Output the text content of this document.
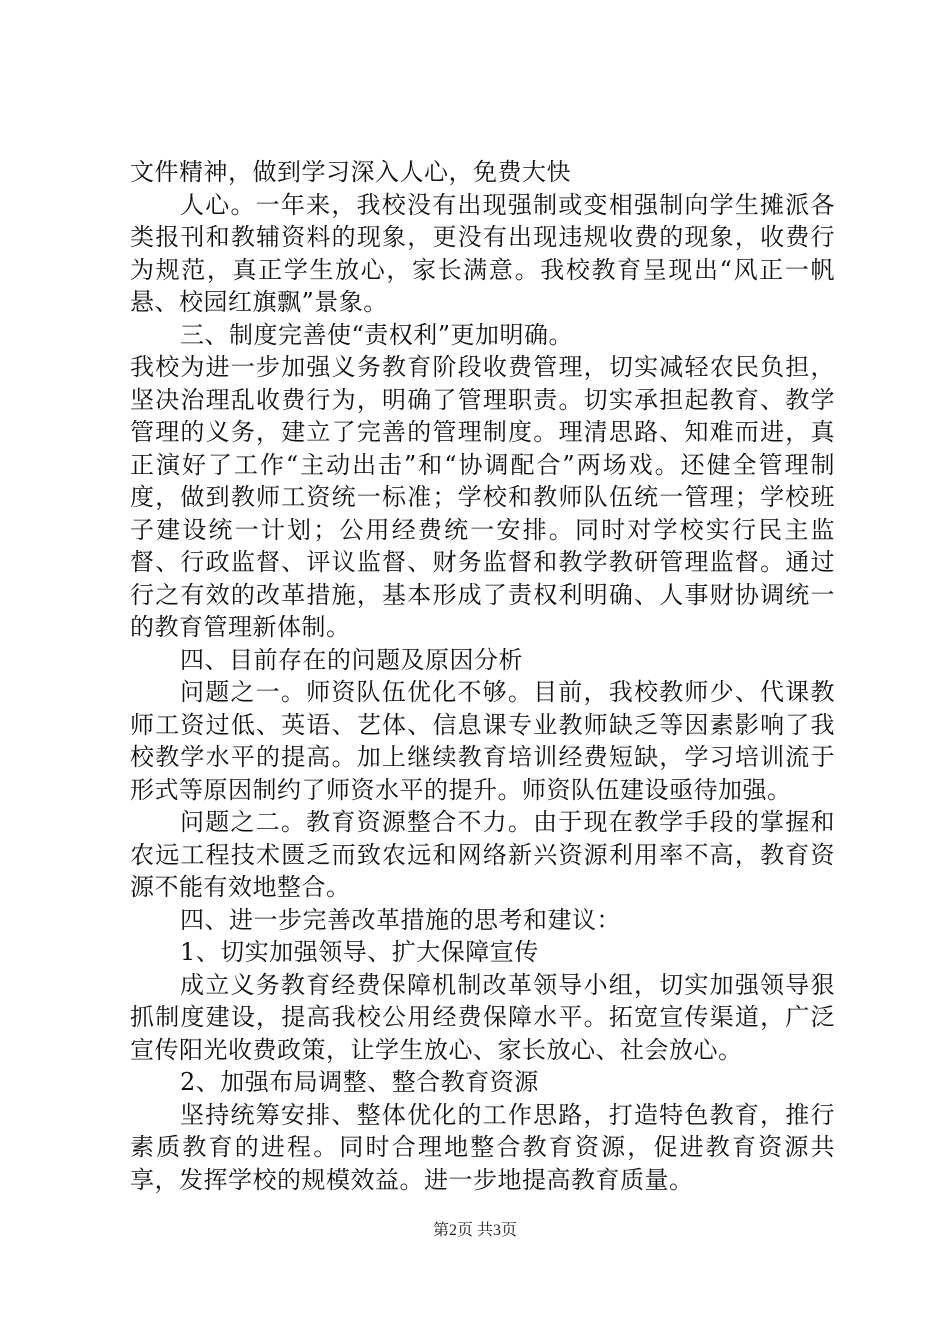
文件精神，做到学习深入人心，免费大快

人心。一年来，我校没有出现强制或变相强制向学生摊派各类报刊和教辅资料的现象，更没有出现违规收费的现象，收费行为规范，真正学生放心，家长满意。我校教育呈现出“风正一帆悬、校园红旗飘”景象。

三、制度完善使“责权利”更加明确。

我校为进一步加强义务教育阶段收费管理，切实减轻农民负担，坚决治理乱收费行为，明确了管理职责。切实承担起教育、教学管理的义务，建立了完善的管理制度。理清思路、知难而进，真正演好了工作“主动出击”和“协调配合”两场戏。还健全管理制度，做到教师工资统一标准；学校和教师队伍统一管理；学校班子建设统一计划；公用经费统一安排。同时对学校实行民主监督、行政监督、评议监督、财务监督和教学教研管理监督。通过行之有效的改革措施，基本形成了责权利明确、人事财协调统一的教育管理新体制。

四、目前存在的问题及原因分析

问题之一。师资队伍优化不够。目前，我校教师少、代课教师工资过低、英语、艺体、信息课专业教师缺乏等因素影响了我校教学水平的提高。加上继续教育培训经费短缺，学习培训流于形式等原因制约了师资水平的提升。师资队伍建设亟待加强。

问题之二。教育资源整合不力。由于现在教学手段的掌握和农远工程技术匮乏而致农远和网络新兴资源利用率不高，教育资源不能有效地整合。

四、进一步完善改革措施的思考和建议：

1、切实加强领导、扩大保障宣传

成立义务教育经费保障机制改革领导小组，切实加强领导狠抓制度建设，提高我校公用经费保障水平。拓宽宣传渠道，广泛宣传阳光收费政策，让学生放心、家长放心、社会放心。

2、加强布局调整、整合教育资源

坚持统筹安排、整体优化的工作思路，打造特色教育，推行素质教育的进程。同时合理地整合教育资源，促进教育资源共享，发挥学校的规模效益。进一步地提高教育质量。

第2页 共3页
